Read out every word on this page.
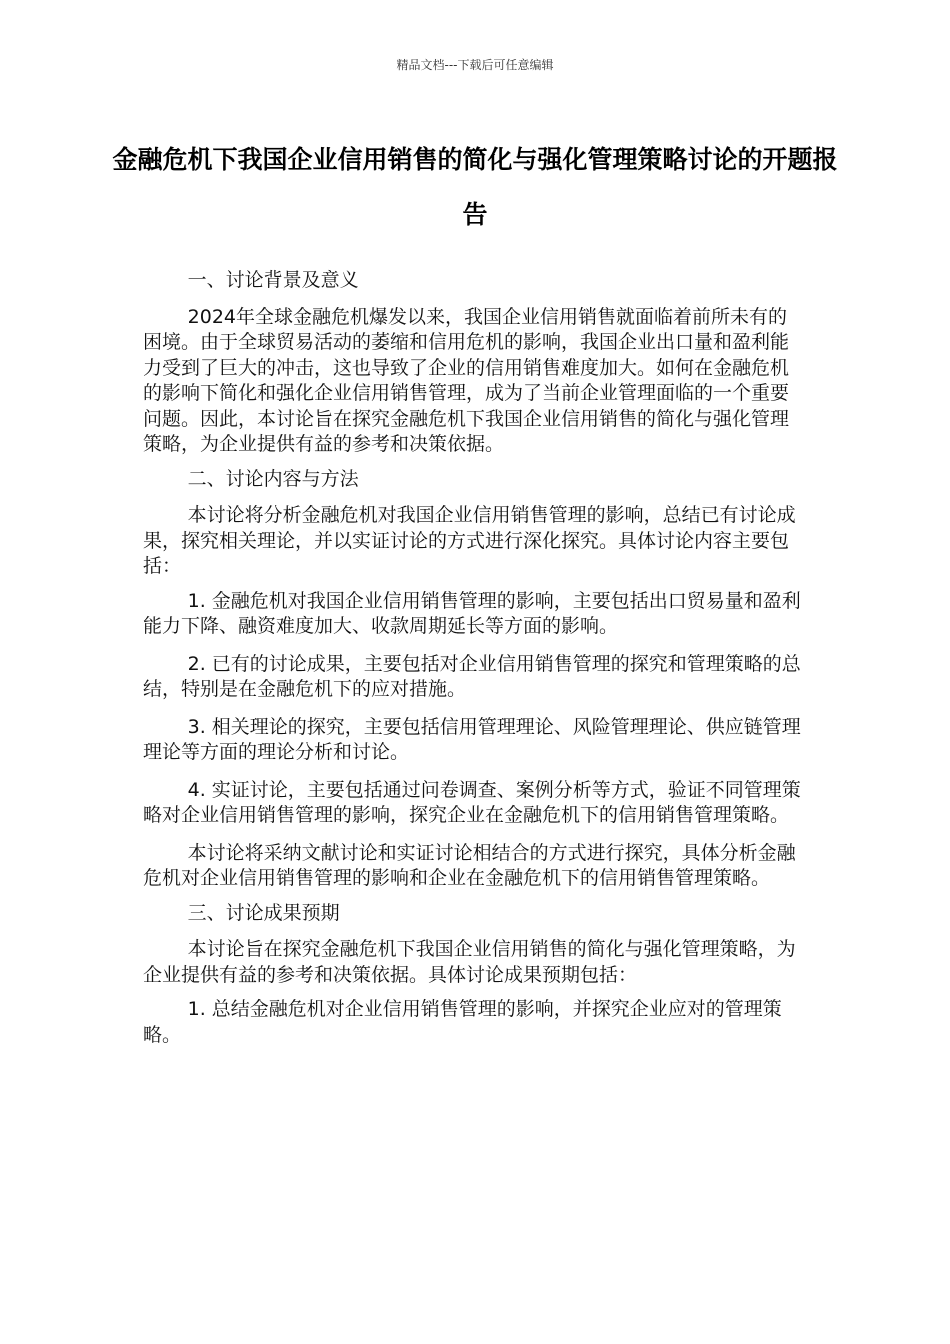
精品文档---下载后可任意编辑
金融危机下我国企业信用销售的简化与强化管理策略讨论的开题报告

一、讨论背景及意义

2024年全球金融危机爆发以来，我国企业信用销售就面临着前所未有的困境。由于全球贸易活动的萎缩和信用危机的影响，我国企业出口量和盈利能力受到了巨大的冲击，这也导致了企业的信用销售难度加大。如何在金融危机的影响下简化和强化企业信用销售管理，成为了当前企业管理面临的一个重要问题。因此，本讨论旨在探究金融危机下我国企业信用销售的简化与强化管理策略，为企业提供有益的参考和决策依据。

二、讨论内容与方法

本讨论将分析金融危机对我国企业信用销售管理的影响，总结已有讨论成果，探究相关理论，并以实证讨论的方式进行深化探究。具体讨论内容主要包括：

1. 金融危机对我国企业信用销售管理的影响，主要包括出口贸易量和盈利能力下降、融资难度加大、收款周期延长等方面的影响。

2. 已有的讨论成果，主要包括对企业信用销售管理的探究和管理策略的总结，特别是在金融危机下的应对措施。

3. 相关理论的探究，主要包括信用管理理论、风险管理理论、供应链管理理论等方面的理论分析和讨论。

4. 实证讨论，主要包括通过问卷调查、案例分析等方式，验证不同管理策略对企业信用销售管理的影响，探究企业在金融危机下的信用销售管理策略。

本讨论将采纳文献讨论和实证讨论相结合的方式进行探究，具体分析金融危机对企业信用销售管理的影响和企业在金融危机下的信用销售管理策略。

三、讨论成果预期

本讨论旨在探究金融危机下我国企业信用销售的简化与强化管理策略，为企业提供有益的参考和决策依据。具体讨论成果预期包括：

1. 总结金融危机对企业信用销售管理的影响，并探究企业应对的管理策略。
